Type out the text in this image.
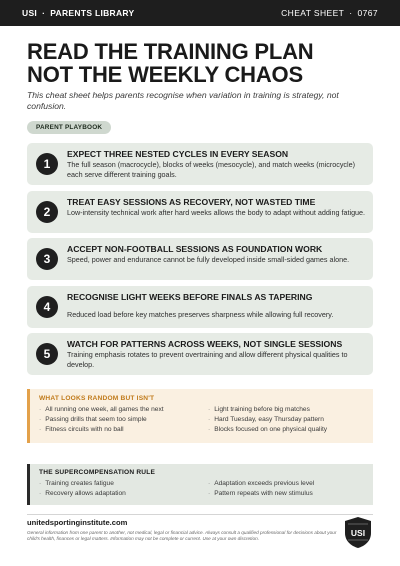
USI · PARENTS LIBRARY	CHEAT SHEET · 0767
READ THE TRAINING PLAN
NOT THE WEEKLY CHAOS
This cheat sheet helps parents recognise when variation in training is strategy, not confusion.
PARENT PLAYBOOK
1
EXPECT THREE NESTED CYCLES IN EVERY SEASON
The full season (macrocycle), blocks of weeks (mesocycle), and match weeks (microcycle) each serve different training goals.
2
TREAT EASY SESSIONS AS RECOVERY, NOT WASTED TIME
Low-intensity technical work after hard weeks allows the body to adapt without adding fatigue.
3
ACCEPT NON-FOOTBALL SESSIONS AS FOUNDATION WORK
Speed, power and endurance cannot be fully developed inside small-sided games alone.
4
RECOGNISE LIGHT WEEKS BEFORE FINALS AS TAPERING
Reduced load before key matches preserves sharpness while allowing full recovery.
5
WATCH FOR PATTERNS ACROSS WEEKS, NOT SINGLE SESSIONS
Training emphasis rotates to prevent overtraining and allow different physical qualities to develop.
WHAT LOOKS RANDOM BUT ISN'T
· All running one week, all games the next
· Passing drills that seem too simple
· Fitness circuits with no ball
· Light training before big matches
· Hard Tuesday, easy Thursday pattern
· Blocks focused on one physical quality
THE SUPERCOMPENSATION RULE
· Training creates fatigue
· Recovery allows adaptation
· Adaptation exceeds previous level
· Pattern repeats with new stimulus
unitedsportinginstitute.com
General information from one parent to another, not medical, legal or financial advice. Always consult a qualified professional for decisions about your child's health, finances or legal matters. Information may not be complete or current. Use at your own discretion.
USI
